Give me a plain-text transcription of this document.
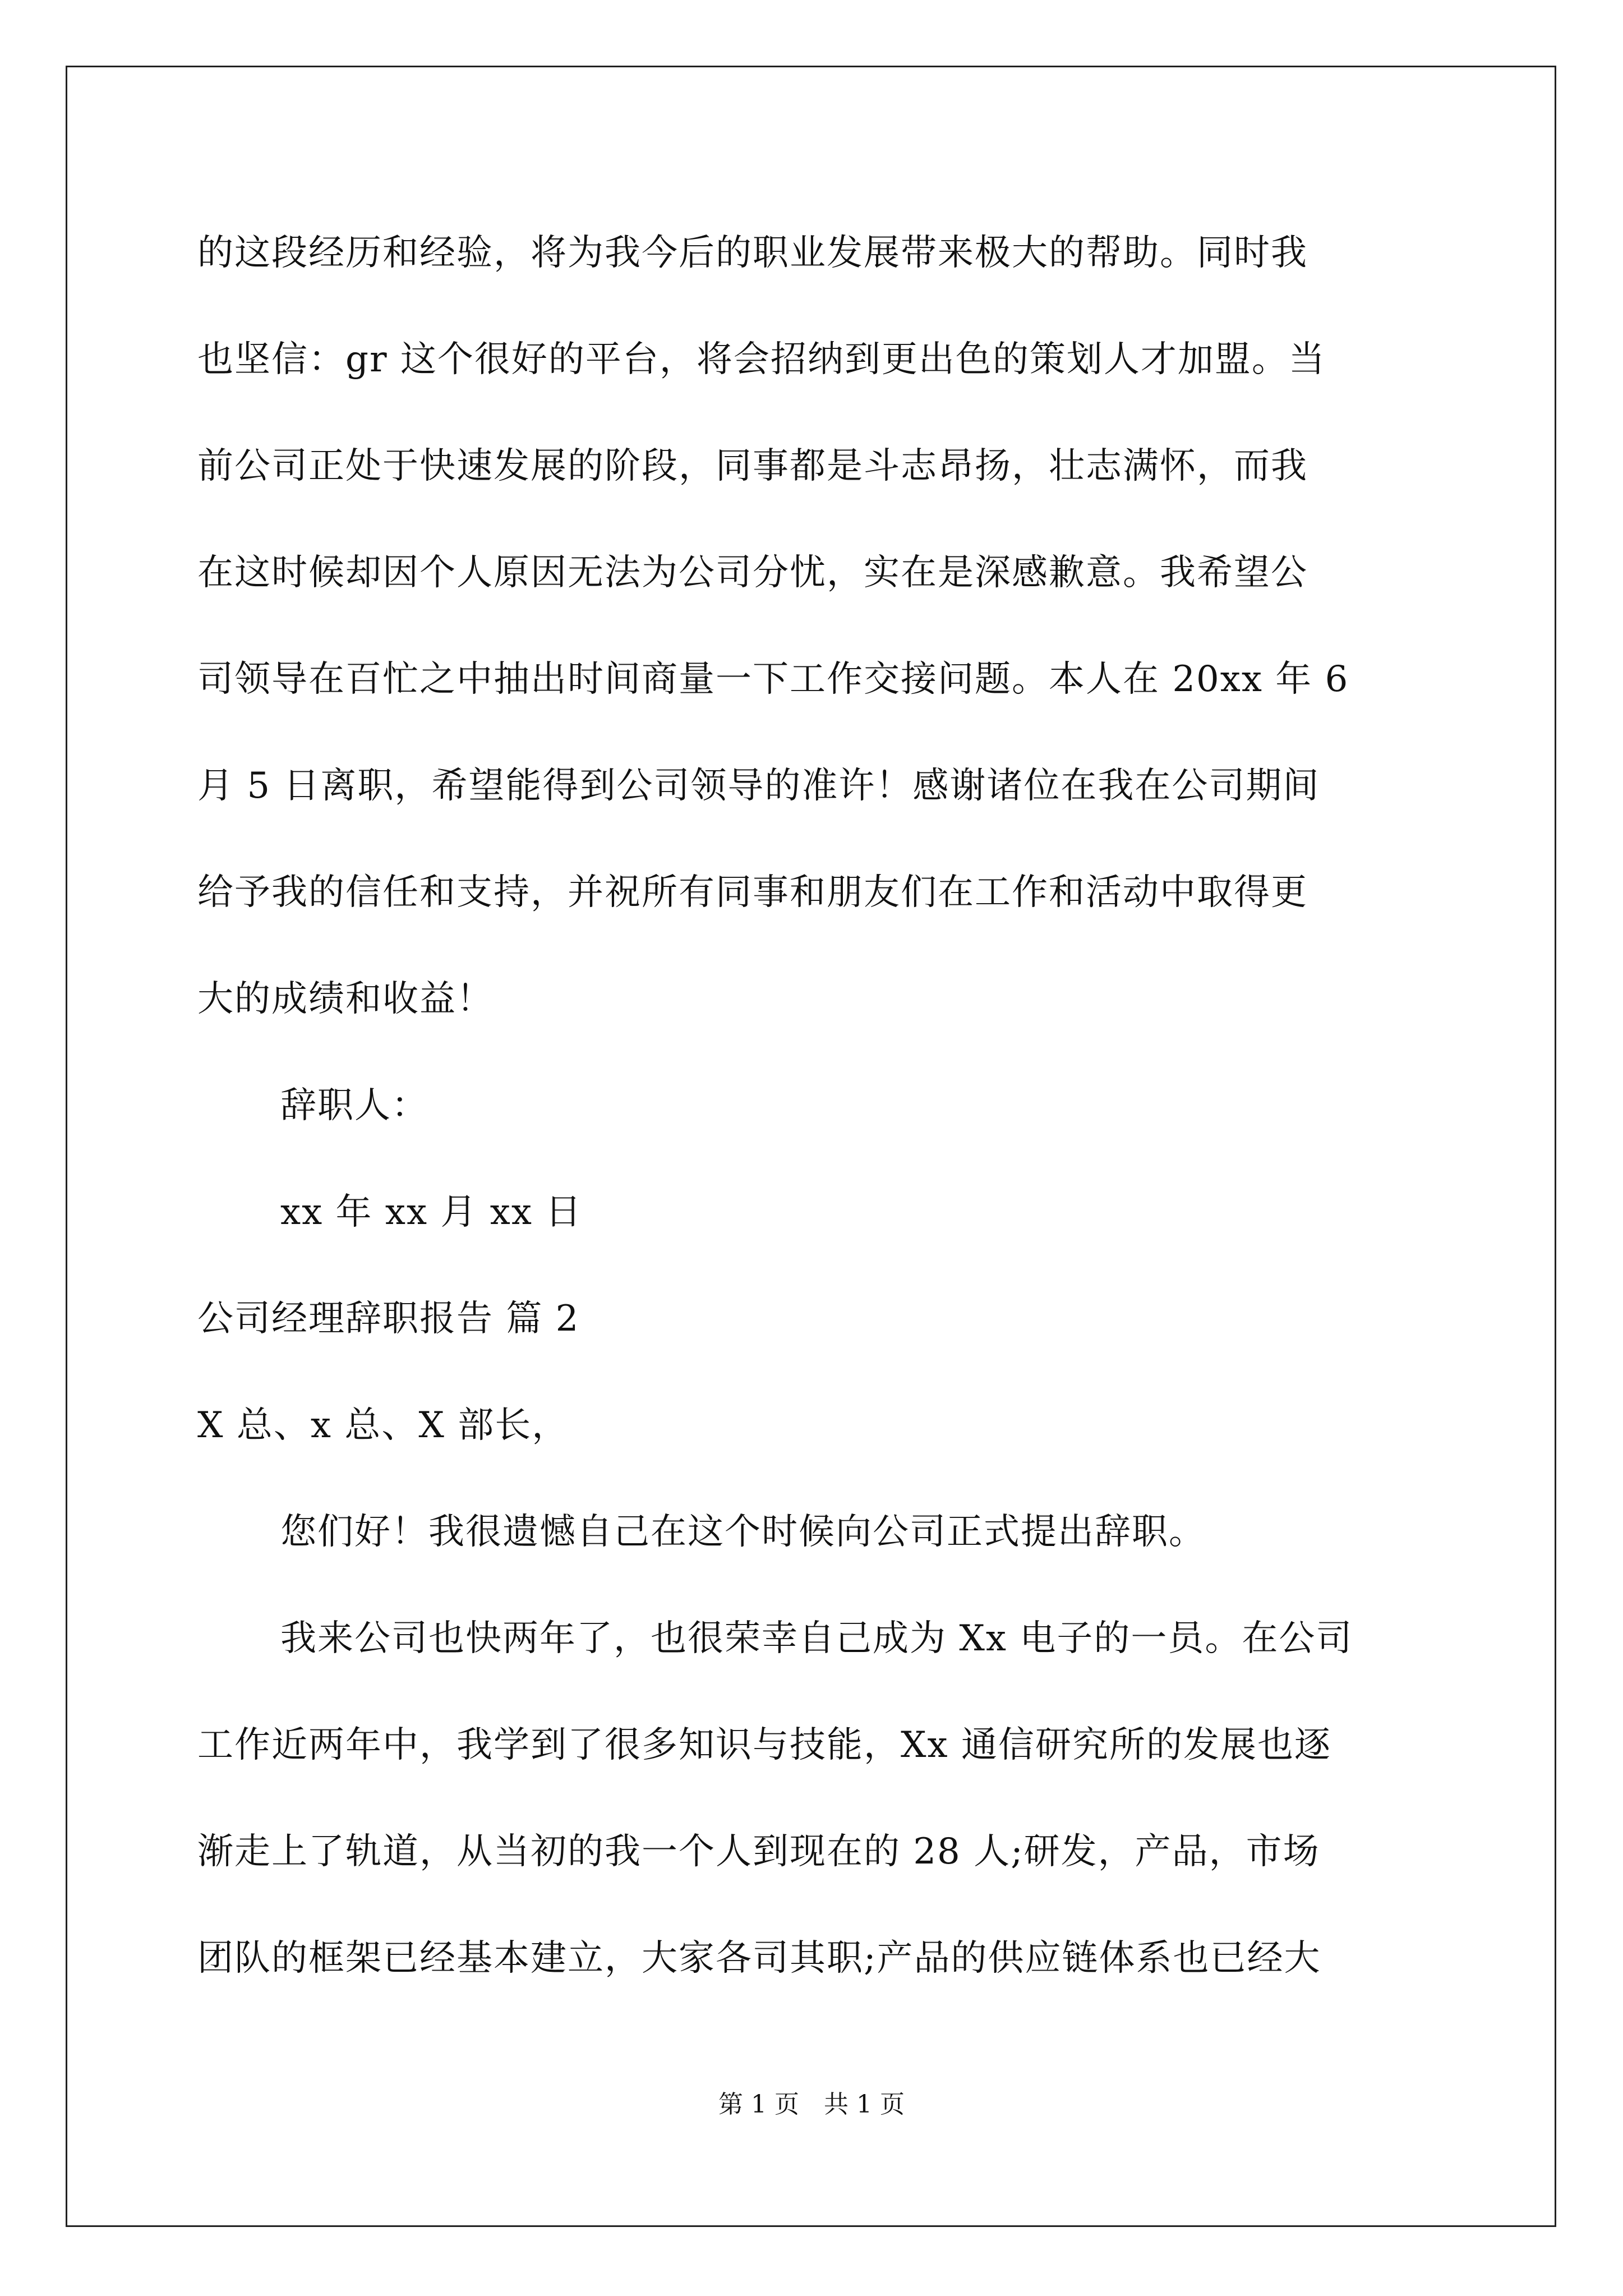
的这段经历和经验，将为我今后的职业发展带来极大的帮助。同时我
也坚信：gr 这个很好的平台，将会招纳到更出色的策划人才加盟。当
前公司正处于快速发展的阶段，同事都是斗志昂扬，壮志满怀，而我
在这时候却因个人原因无法为公司分忧，实在是深感歉意。我希望公
司领导在百忙之中抽出时间商量一下工作交接问题。本人在 20xx 年 6
月 5 日离职，希望能得到公司领导的准许！感谢诸位在我在公司期间
给予我的信任和支持，并祝所有同事和朋友们在工作和活动中取得更
大的成绩和收益！
辞职人：
xx 年 xx 月 xx 日
公司经理辞职报告 篇 2
X 总、x 总、X 部长，
您们好！我很遗憾自己在这个时候向公司正式提出辞职。
我来公司也快两年了，也很荣幸自己成为 Xx 电子的一员。在公司
工作近两年中，我学到了很多知识与技能，Xx 通信研究所的发展也逐
渐走上了轨道，从当初的我一个人到现在的 28 人;研发，产品，市场
团队的框架已经基本建立，大家各司其职;产品的供应链体系也已经大
第 1 页　共 1 页
